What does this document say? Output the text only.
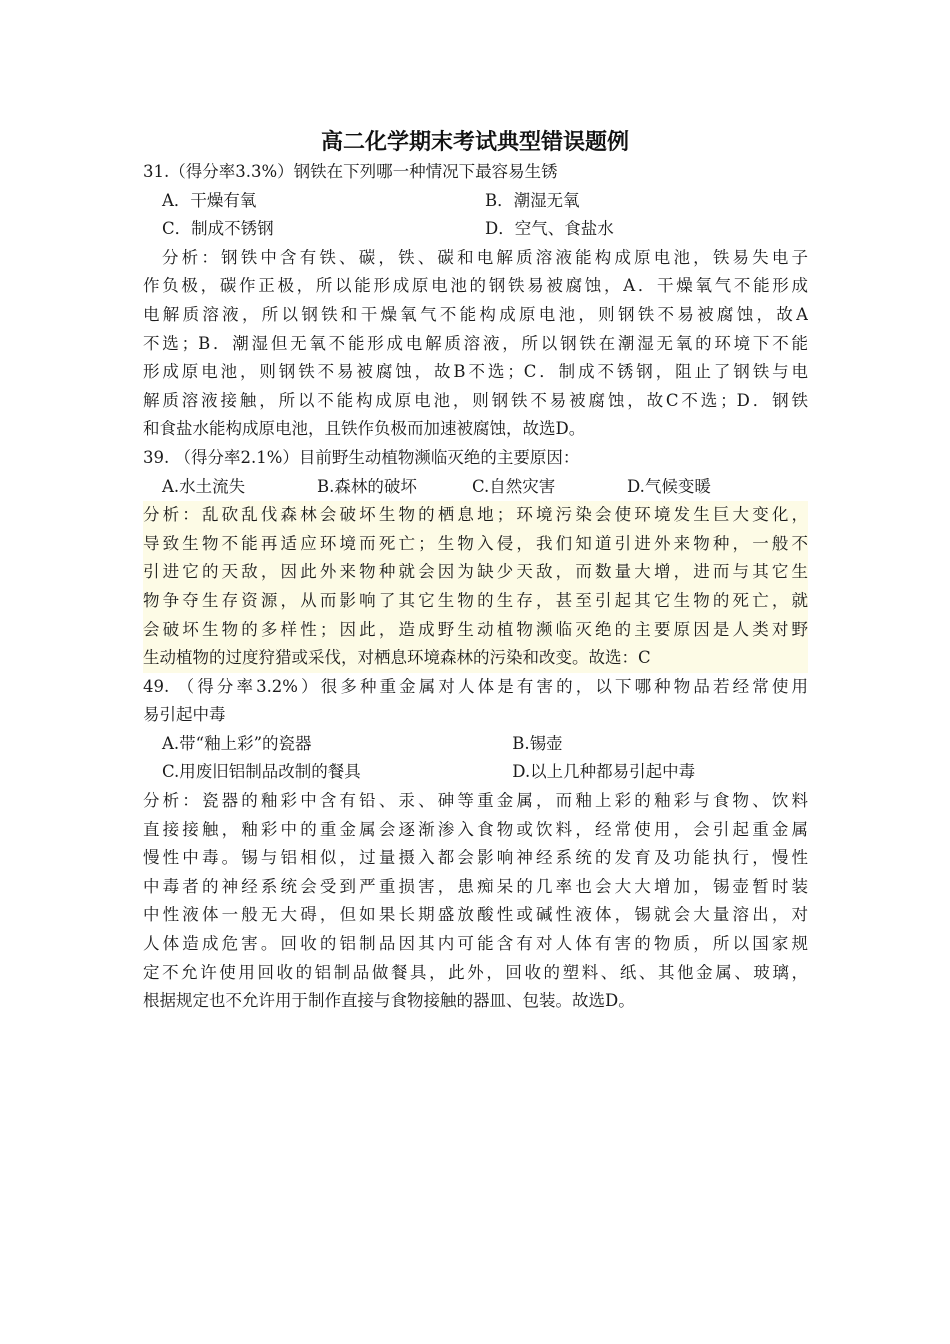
高二化学期末考试典型错误题例
31.（得分率3.3%）钢铁在下列哪一种情况下最容易生锈
A．干燥有氧	B．潮湿无氧
C．制成不锈钢	D．空气、食盐水
分析：钢铁中含有铁、碳，铁、碳和电解质溶液能构成原电池，铁易失电子
作负极，碳作正极，所以能形成原电池的钢铁易被腐蚀，A．干燥氧气不能形成
电解质溶液，所以钢铁和干燥氧气不能构成原电池，则钢铁不易被腐蚀，故A
不选；B．潮湿但无氧不能形成电解质溶液，所以钢铁在潮湿无氧的环境下不能
形成原电池，则钢铁不易被腐蚀，故B不选；C．制成不锈钢，阻止了钢铁与电
解质溶液接触，所以不能构成原电池，则钢铁不易被腐蚀，故C不选；D．钢铁
和食盐水能构成原电池，且铁作负极而加速被腐蚀，故选D。
39. （得分率2.1%）目前野生动植物濒临灭绝的主要原因：
A.水土流失	B.森林的破坏	C.自然灾害	D.气候变暖
分析：乱砍乱伐森林会破坏生物的栖息地；环境污染会使环境发生巨大变化，
导致生物不能再适应环境而死亡；生物入侵，我们知道引进外来物种，一般不
引进它的天敌，因此外来物种就会因为缺少天敌，而数量大增，进而与其它生
物争夺生存资源，从而影响了其它生物的生存，甚至引起其它生物的死亡，就
会破坏生物的多样性；因此，造成野生动植物濒临灭绝的主要原因是人类对野
生动植物的过度狩猎或采伐，对栖息环境森林的污染和改变。故选：C
49. （得分率3.2%）很多种重金属对人体是有害的，以下哪种物品若经常使用
易引起中毒
A.带“釉上彩”的瓷器	B.锡壶
C.用废旧铝制品改制的餐具	D.以上几种都易引起中毒
分析：瓷器的釉彩中含有铅、汞、砷等重金属，而釉上彩的釉彩与食物、饮料
直接接触，釉彩中的重金属会逐渐渗入食物或饮料，经常使用，会引起重金属
慢性中毒。锡与铝相似，过量摄入都会影响神经系统的发育及功能执行，慢性
中毒者的神经系统会受到严重损害，患痴呆的几率也会大大增加，锡壶暂时装
中性液体一般无大碍，但如果长期盛放酸性或碱性液体，锡就会大量溶出，对
人体造成危害。回收的铝制品因其内可能含有对人体有害的物质，所以国家规
定不允许使用回收的铝制品做餐具，此外，回收的塑料、纸、其他金属、玻璃，
根据规定也不允许用于制作直接与食物接触的器皿、包装。故选D。
